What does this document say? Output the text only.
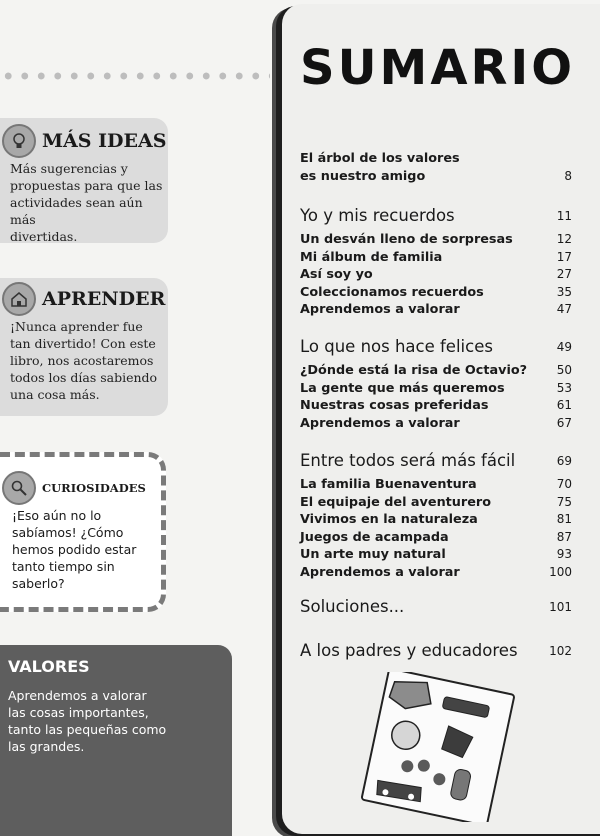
MÁS IDEAS
Más sugerencias y
propuestas para que las
actividades sean aún más
divertidas.
APRENDER
¡Nunca aprender fue
tan divertido! Con este
libro, nos acostaremos
todos los días sabiendo
una cosa más.
CURIOSIDADES
¡Eso aún no lo
sabíamos! ¿Cómo
hemos podido estar
tanto tiempo sin
saberlo?
VALORES
Aprendemos a valorar
las cosas importantes,
tanto las pequeñas como
las grandes.
SUMARIO
El árbol de los valores
es nuestro amigo	8
Yo y mis recuerdos	11
Un desván lleno de sorpresas	12
Mi álbum de familia	17
Así soy yo	27
Coleccionamos recuerdos	35
Aprendemos a valorar	47
Lo que nos hace felices	49
¿Dónde está la risa de Octavio? 50
La gente que más queremos	53
Nuestras cosas preferidas	61
Aprendemos a valorar	67
Entre todos será más fácil	69
La familia Buenaventura	70
El equipaje del aventurero	75
Vivimos en la naturaleza	81
Juegos de acampada	87
Un arte muy natural	93
Aprendemos a valorar	100
Soluciones...	101
A los padres y educadores	102
